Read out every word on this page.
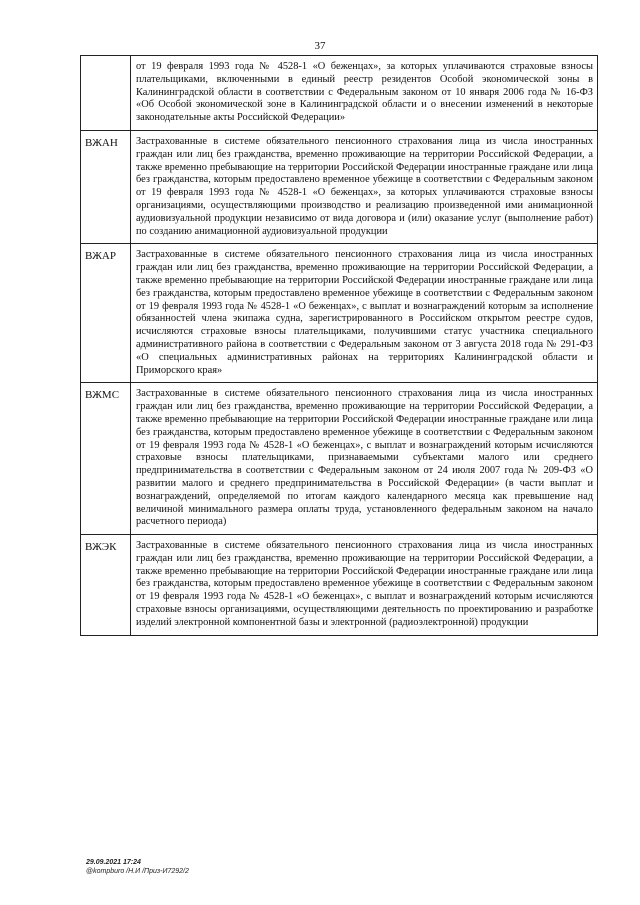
37
	от 19 февраля 1993 года № 4528-1 «О беженцах», за которых уплачиваются страховые взносы плательщиками, включенными в единый реестр резидентов Особой экономической зоны в Калининградской области в соответствии с Федеральным законом от 10 января 2006 года № 16-ФЗ «Об Особой экономической зоне в Калининградской области и о внесении изменений в некоторые законодательные акты Российской Федерации»
ВЖАН	Застрахованные в системе обязательного пенсионного страхования лица из числа иностранных граждан или лиц без гражданства, временно проживающие на территории Российской Федерации, а также временно пребывающие на территории Российской Федерации иностранные граждане или лица без гражданства, которым предоставлено временное убежище в соответствии с Федеральным законом от 19 февраля 1993 года № 4528-1 «О беженцах», за которых уплачиваются страховые взносы организациями, осуществляющими производство и реализацию произведенной ими анимационной аудиовизуальной продукции независимо от вида договора и (или) оказание услуг (выполнение работ) по созданию анимационной аудиовизуальной продукции
ВЖАР	Застрахованные в системе обязательного пенсионного страхования лица из числа иностранных граждан или лиц без гражданства, временно проживающие на территории Российской Федерации, а также временно пребывающие на территории Российской Федерации иностранные граждане или лица без гражданства, которым предоставлено временное убежище в соответствии с Федеральным законом от 19 февраля 1993 года № 4528-1 «О беженцах», с выплат и вознаграждений которым за исполнение обязанностей члена экипажа судна, зарегистрированного в Российском открытом реестре судов, исчисляются страховые взносы плательщиками, получившими статус участника специального административного района в соответствии с Федеральным законом от 3 августа 2018 года № 291-ФЗ «О специальных административных районах на территориях Калининградской области и Приморского края»
ВЖМС	Застрахованные в системе обязательного пенсионного страхования лица из числа иностранных граждан или лиц без гражданства, временно проживающие на территории Российской Федерации, а также временно пребывающие на территории Российской Федерации иностранные граждане или лица без гражданства, которым предоставлено временное убежище в соответствии с Федеральным законом от 19 февраля 1993 года № 4528-1 «О беженцах», с выплат и вознаграждений которым исчисляются страховые взносы плательщиками, признаваемыми субъектами малого или среднего предпринимательства в соответствии с Федеральным законом от 24 июля 2007 года № 209-ФЗ «О развитии малого и среднего предпринимательства в Российской Федерации» (в части выплат и вознаграждений, определяемой по итогам каждого календарного месяца как превышение над величиной минимального размера оплаты труда, установленного федеральным законом на начало расчетного периода)
ВЖЭК	Застрахованные в системе обязательного пенсионного страхования лица из числа иностранных граждан или лиц без гражданства, временно проживающие на территории Российской Федерации, а также временно пребывающие на территории Российской Федерации иностранные граждане или лица без гражданства, которым предоставлено временное убежище в соответствии с Федеральным законом от 19 февраля 1993 года № 4528-1 «О беженцах», с выплат и вознаграждений которым исчисляются страховые взносы организациями, осуществляющими деятельность по проектированию и разработке изделий электронной компонентной базы и электронной (радиоэлектронной) продукции
29.09.2021 17:24
@kompburo /Н.И /Приз-И7292/2
